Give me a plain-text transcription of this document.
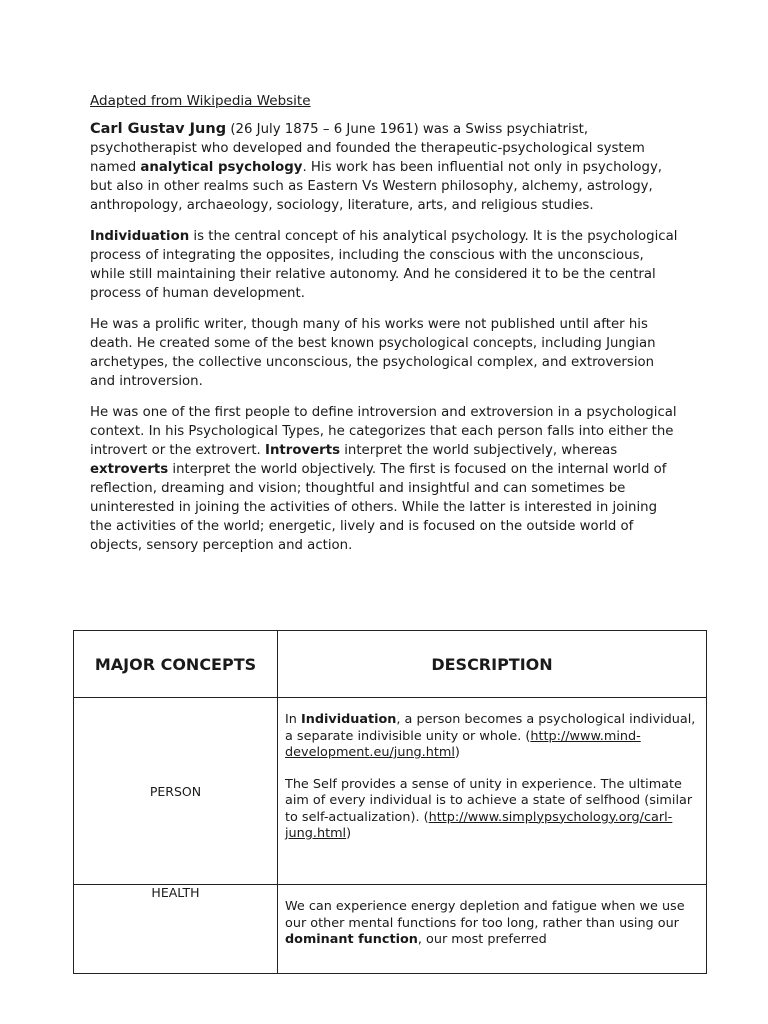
Adapted from Wikipedia Website

Carl Gustav Jung (26 July 1875 – 6 June 1961) was a Swiss psychiatrist, psychotherapist who developed and founded the therapeutic-psychological system named analytical psychology. His work has been influential not only in psychology, but also in other realms such as Eastern Vs Western philosophy, alchemy, astrology, anthropology, archaeology, sociology, literature, arts, and religious studies.

Individuation is the central concept of his analytical psychology. It is the psychological process of integrating the opposites, including the conscious with the unconscious, while still maintaining their relative autonomy. And he considered it to be the central process of human development.

He was a prolific writer, though many of his works were not published until after his death. He created some of the best known psychological concepts, including Jungian archetypes, the collective unconscious, the psychological complex, and extroversion and introversion.

He was one of the first people to define introversion and extroversion in a psychological context. In his Psychological Types, he categorizes that each person falls into either the introvert or the extrovert. Introverts interpret the world subjectively, whereas extroverts interpret the world objectively. The first is focused on the internal world of reflection, dreaming and vision; thoughtful and insightful and can sometimes be uninterested in joining the activities of others. While the latter is interested in joining the activities of the world; energetic, lively and is focused on the outside world of objects, sensory perception and action.

MAJOR CONCEPTS	DESCRIPTION
PERSON	In Individuation, a person becomes a psychological individual, a separate indivisible unity or whole. (http://www.mind-development.eu/jung.html)

The Self provides a sense of unity in experience. The ultimate aim of every individual is to achieve a state of selfhood (similar to self-actualization). (http://www.simplypsychology.org/carl-jung.html)

HEALTH	We can experience energy depletion and fatigue when we use our other mental functions for too long, rather than using our dominant function, our most preferred
